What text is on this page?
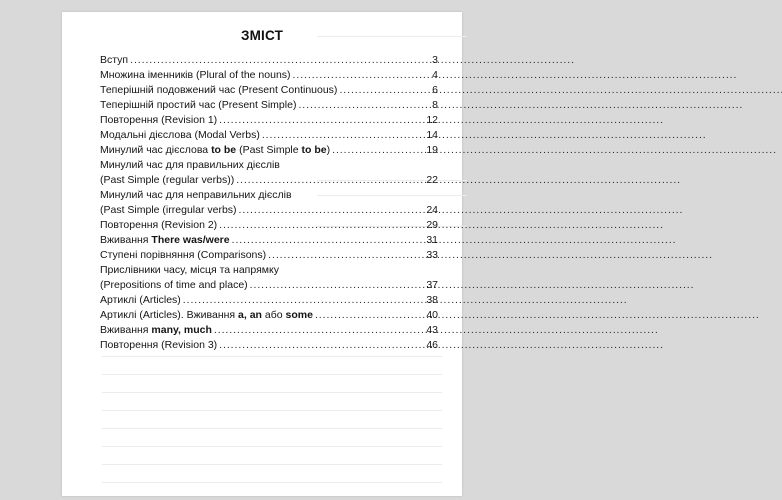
ЗМІСТ
Вступ . . .	3
Множина іменників (Plural of the nouns) . . .	4
Теперішній подовжений час (Present Continuous) . . .	6
Теперішній простий час (Present Simple) . . .	8
Повторення (Revision 1) . . .	12
Модальні дієслова (Modal Verbs) . . .	14
Минулий час дієслова to be (Past Simple to be) . . .	19
Минулий час для правильних дієслів
(Past Simple (regular verbs)) . . .	22
Минулий час для неправильних дієслів
(Past Simple (irregular verbs) . . .	24
Повторення (Revision 2) . . .	29
Вживання There was/were . . .	31
Ступені порівняння (Comparisons) . . .	33
Прислівники часу, місця та напрямку
(Prepositions of time and place) . . .	37
Артиклі (Articles) . . .	38
Артиклі (Articles). Вживання a, an або some . . .	40
Вживання many, much . . .	43
Повторення (Revision 3) . . .	46
